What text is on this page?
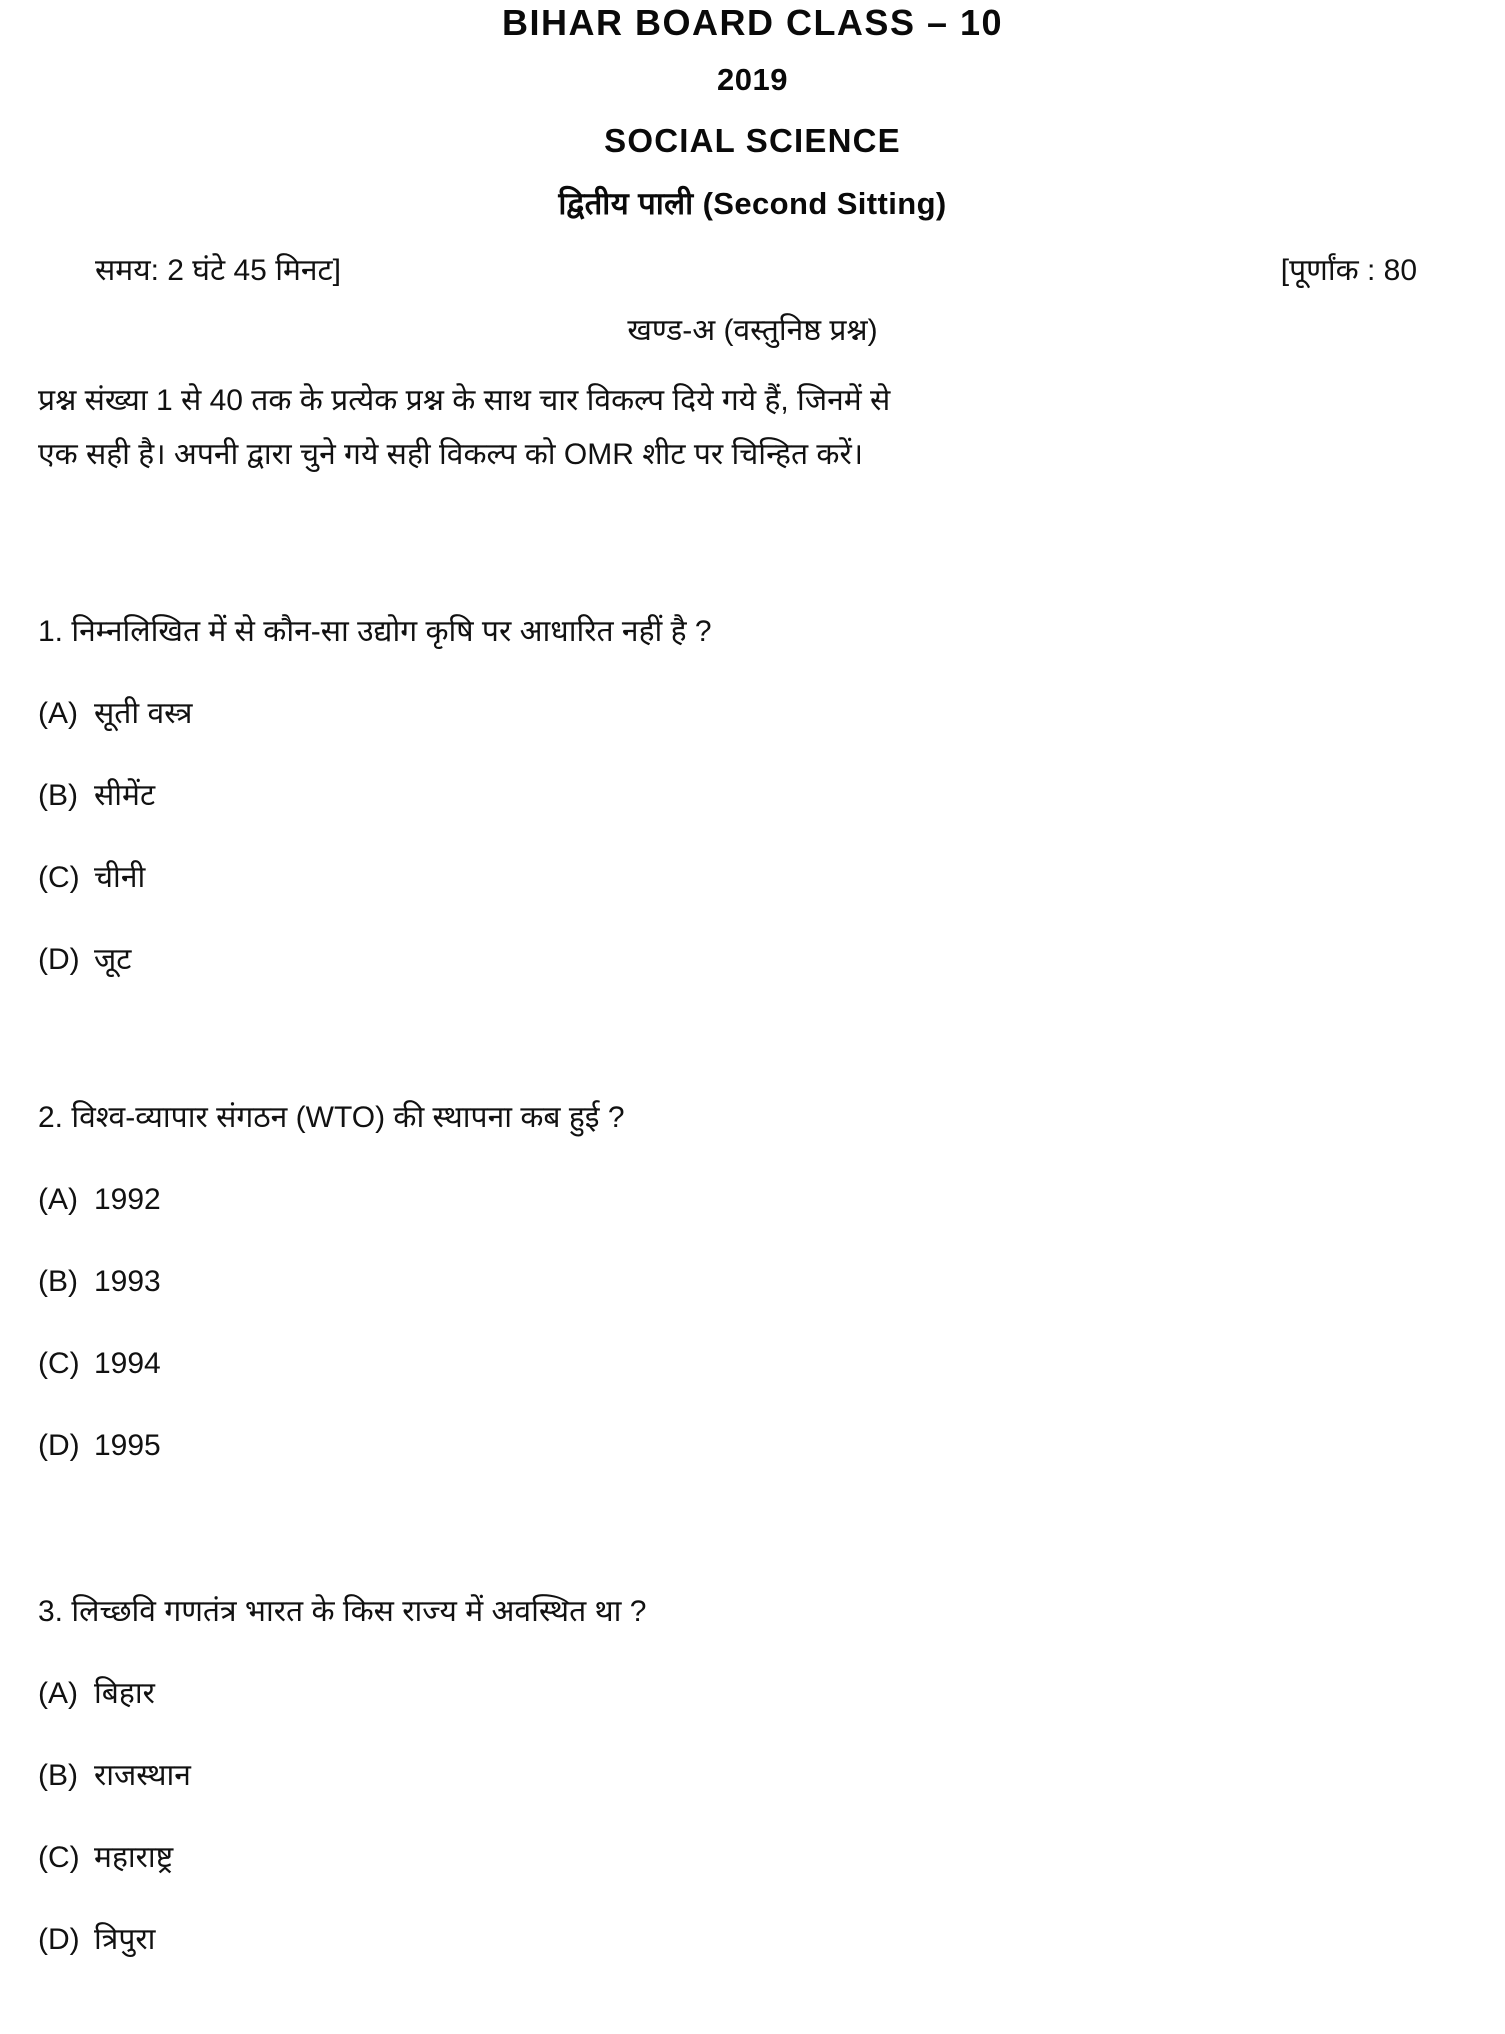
BIHAR BOARD CLASS – 10
2019
SOCIAL SCIENCE
द्वितीय पाली (Second Sitting)
समय: 2 घंटे 45 मिनट]	[पूर्णांक : 80
खण्ड-अ (वस्तुनिष्ठ प्रश्न)
प्रश्न संख्या 1 से 40 तक के प्रत्येक प्रश्न के साथ चार विकल्प दिये गये हैं, जिनमें से
एक सही है। अपनी द्वारा चुने गये सही विकल्प को OMR शीट पर चिन्हित करें।

1. निम्नलिखित में से कौन-सा उद्योग कृषि पर आधारित नहीं है ?

(A) सूती वस्त्र
(B) सीमेंट
(C) चीनी
(D) जूट

2. विश्व-व्यापार संगठन (WTO) की स्थापना कब हुई ?

(A) 1992
(B) 1993
(C) 1994
(D) 1995

3. लिच्छवि गणतंत्र भारत के किस राज्य में अवस्थित था ?

(A) बिहार
(B) राजस्थान
(C) महाराष्ट्र
(D) त्रिपुरा
